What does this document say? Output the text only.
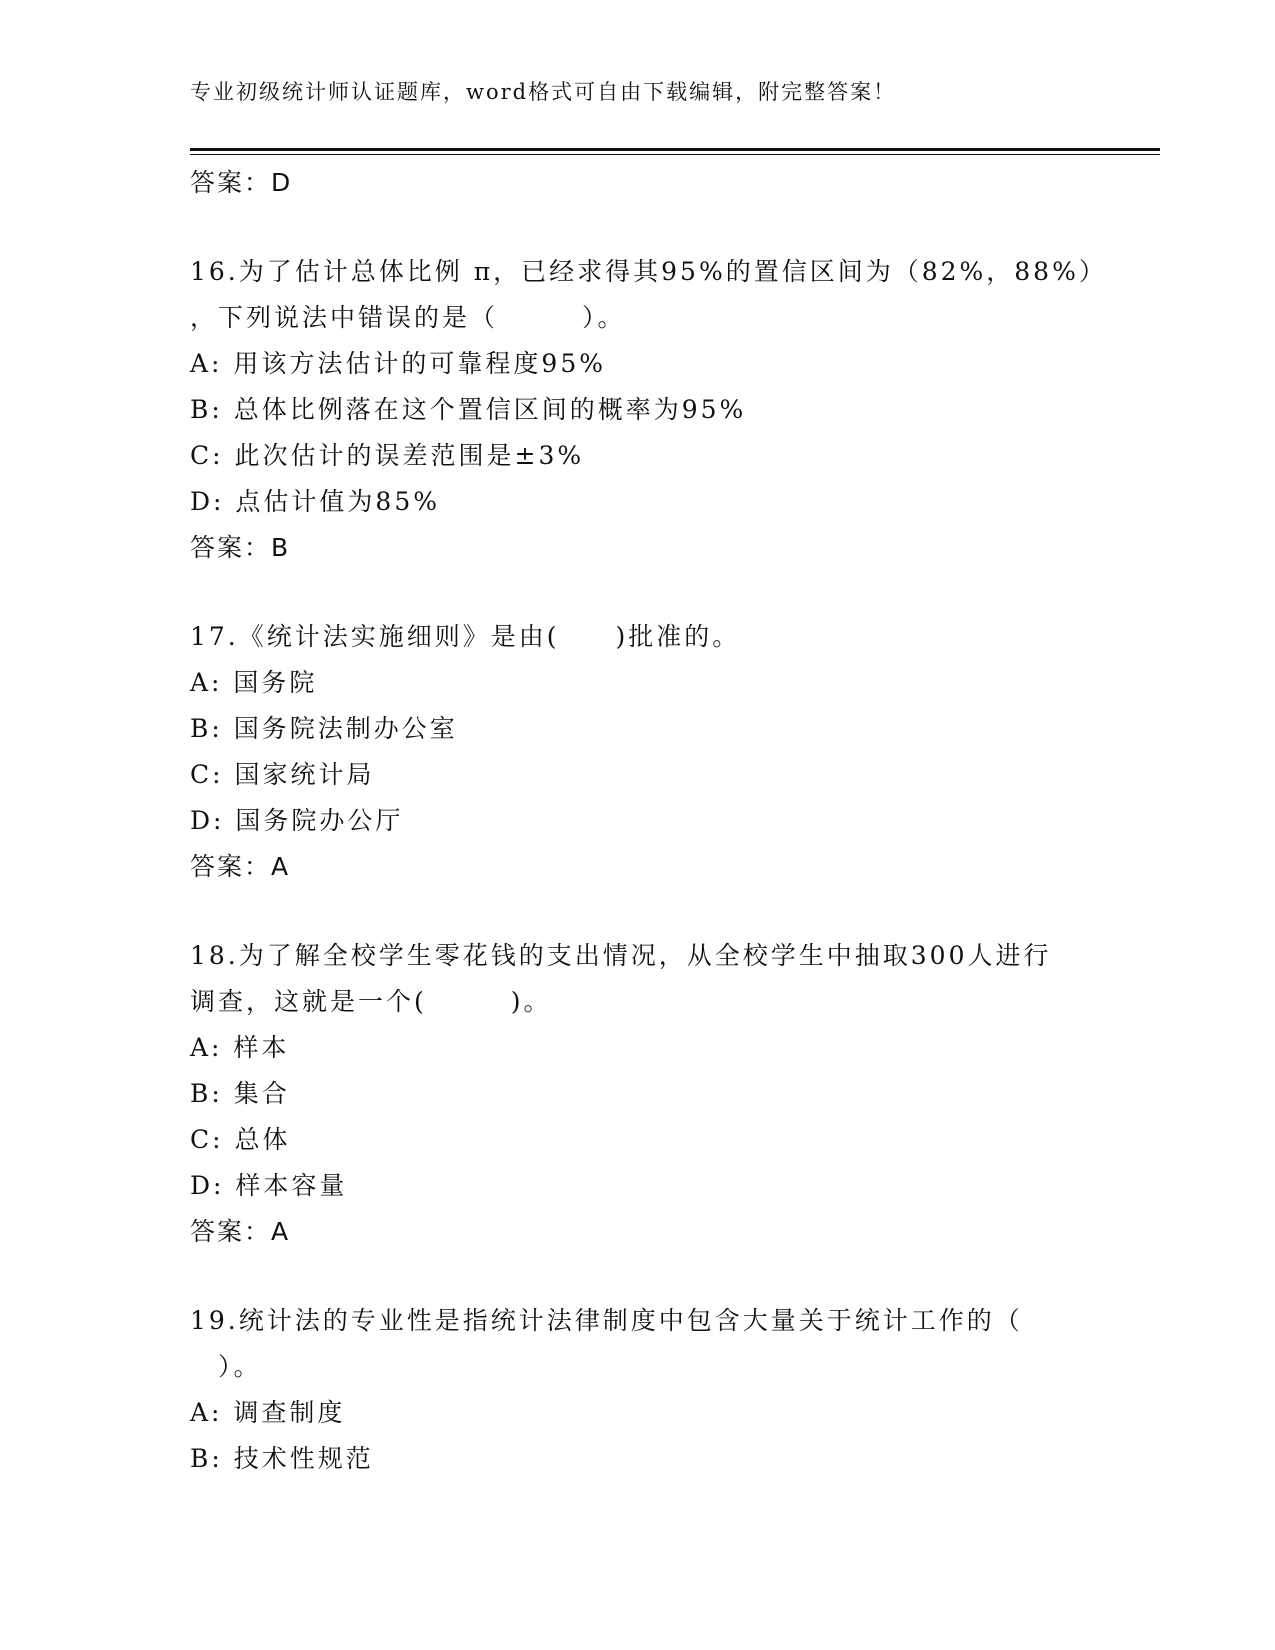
专业初级统计师认证题库，word格式可自由下载编辑，附完整答案！
答案：D
16.为了估计总体比例 π，已经求得其95%的置信区间为（82%，88%）
，下列说法中错误的是（　　　）。
A: 用该方法估计的可靠程度95%
B: 总体比例落在这个置信区间的概率为95%
C: 此次估计的误差范围是±3%
D: 点估计值为85%
答案：B
17.《统计法实施细则》是由(　　)批准的。
A: 国务院
B: 国务院法制办公室
C: 国家统计局
D: 国务院办公厅
答案：A
18.为了解全校学生零花钱的支出情况，从全校学生中抽取300人进行
调查，这就是一个(　　　)。
A: 样本
B: 集合
C: 总体
D: 样本容量
答案：A
19.统计法的专业性是指统计法律制度中包含大量关于统计工作的（
　）。
A: 调查制度
B: 技术性规范
